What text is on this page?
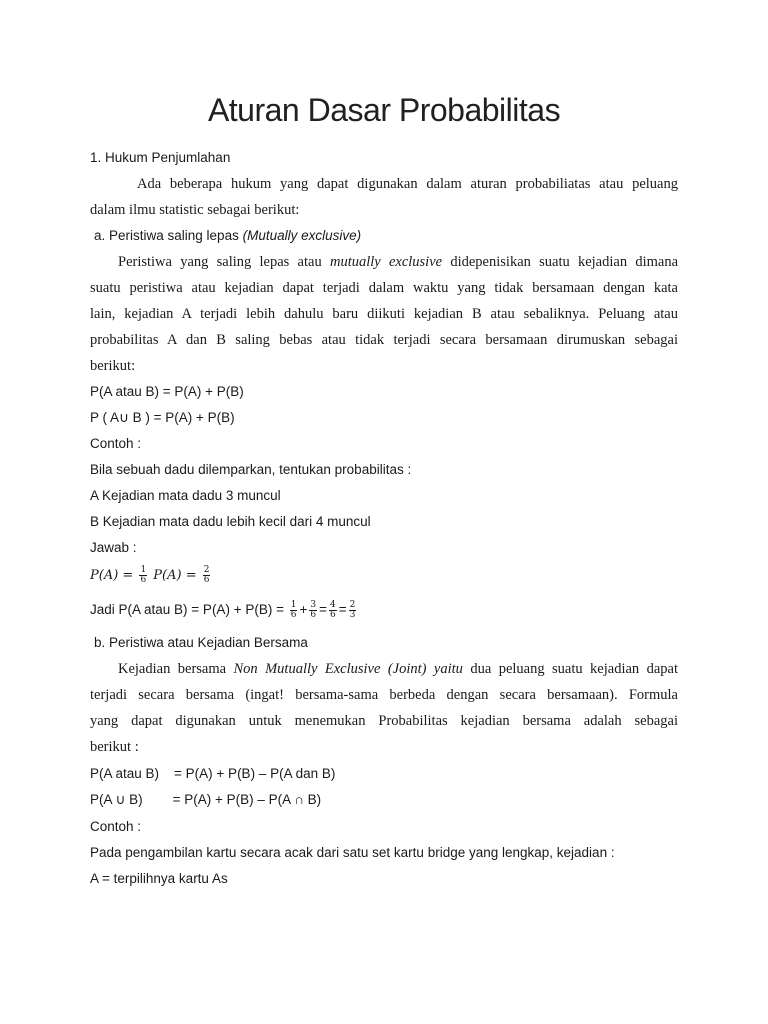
Aturan Dasar Probabilitas
1. Hukum Penjumlahan
Ada beberapa hukum yang dapat digunakan dalam aturan probabiliatas atau peluang
dalam ilmu statistic sebagai berikut:
a. Peristiwa saling lepas (Mutually exclusive)
Peristiwa yang saling lepas atau mutually exclusive didepenisikan suatu kejadian dimana
suatu peristiwa atau kejadian dapat terjadi dalam waktu yang tidak bersamaan dengan kata
lain, kejadian A terjadi lebih dahulu baru diikuti kejadian B atau sebaliknya. Peluang atau
probabilitas A dan B saling bebas atau tidak terjadi secara bersamaan dirumuskan sebagai
berikut:
P(A atau B) = P(A) + P(B)
P ( A∪ B ) = P(A) + P(B)
Contoh :
Bila sebuah dadu dilemparkan, tentukan probabilitas :
A Kejadian mata dadu 3 muncul
B Kejadian mata dadu lebih kecil dari 4 muncul
Jawab :
$P(A) = \frac{1}{6} P(A) = \frac{2}{6}$
Jadi P(A atau $B) = P(A) + P(B) = \frac{1}{6} + \frac{3}{6} = \frac{4}{6} = \frac{2}{3}$
b. Peristiwa atau Kejadian Bersama
Kejadian bersama Non Mutually Exclusive (Joint) yaitu dua peluang suatu kejadian dapat
terjadi secara bersama (ingat! bersama-sama berbeda dengan secara bersamaan). Formula
yang dapat digunakan untuk menemukan Probabilitas kejadian bersama adalah sebagai
berikut :
P(A atau B)    = P(A) + P(B) – P(A dan B)
P(A ∪ B)        = P(A) + P(B) – P(A ∩ B)
Contoh :
Pada pengambilan kartu secara acak dari satu set kartu bridge yang lengkap, kejadian :
A = terpilihnya kartu As
